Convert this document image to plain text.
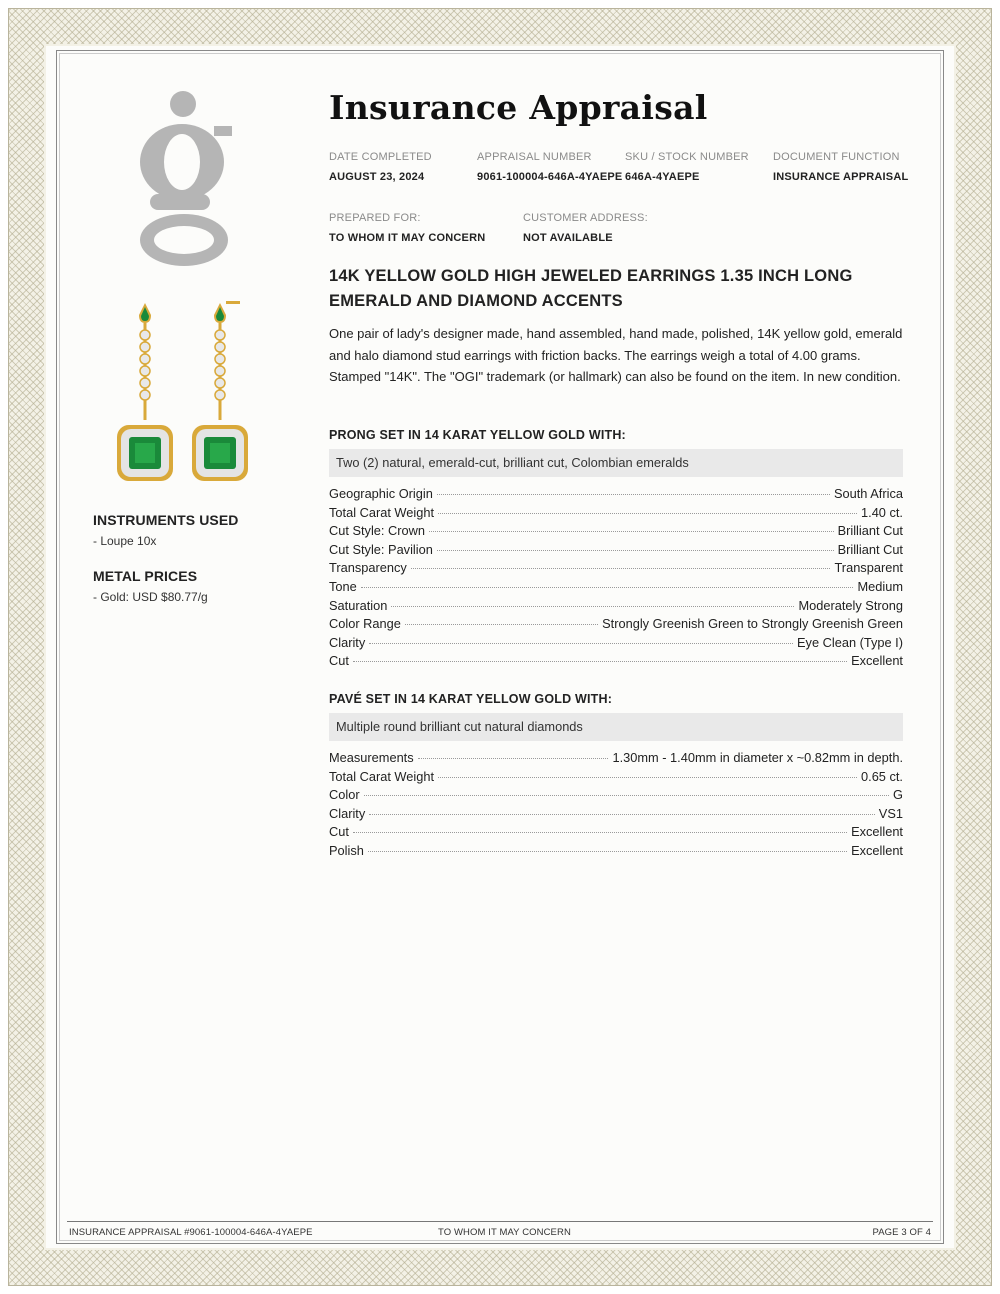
INSTRUMENTS USED
- Loupe 10x
METAL PRICES
- Gold: USD $80.77/g
Insurance Appraisal
DATE COMPLETED
AUGUST 23, 2024
APPRAISAL NUMBER
9061-100004-646A-4YAEPE
SKU / STOCK NUMBER
646A-4YAEPE
DOCUMENT FUNCTION
INSURANCE APPRAISAL
PREPARED FOR:
TO WHOM IT MAY CONCERN
CUSTOMER ADDRESS:
NOT AVAILABLE
14K YELLOW GOLD HIGH JEWELED EARRINGS 1.35 INCH LONG EMERALD AND DIAMOND ACCENTS
One pair of lady's designer made, hand assembled, hand made, polished, 14K yellow gold, emerald and halo diamond stud earrings with friction backs. The earrings weigh a total of 4.00 grams. Stamped "14K". The "OGI" trademark (or hallmark) can also be found on the item. In new condition.
PRONG SET IN 14 KARAT YELLOW GOLD WITH:
Two (2) natural, emerald-cut, brilliant cut, Colombian emeralds
Geographic Origin	South Africa
Total Carat Weight	1.40 ct.
Cut Style: Crown	Brilliant Cut
Cut Style: Pavilion	Brilliant Cut
Transparency	Transparent
Tone	Medium
Saturation	Moderately Strong
Color Range	Strongly Greenish Green to Strongly Greenish Green
Clarity	Eye Clean (Type I)
Cut	Excellent
PAVÉ SET IN 14 KARAT YELLOW GOLD WITH:
Multiple round brilliant cut natural diamonds
Measurements	1.30mm - 1.40mm in diameter x ~0.82mm in depth.
Total Carat Weight	0.65 ct.
Color	G
Clarity	VS1
Cut	Excellent
Polish	Excellent
INSURANCE APPRAISAL #9061-100004-646A-4YAEPE	TO WHOM IT MAY CONCERN	PAGE 3 OF 4
